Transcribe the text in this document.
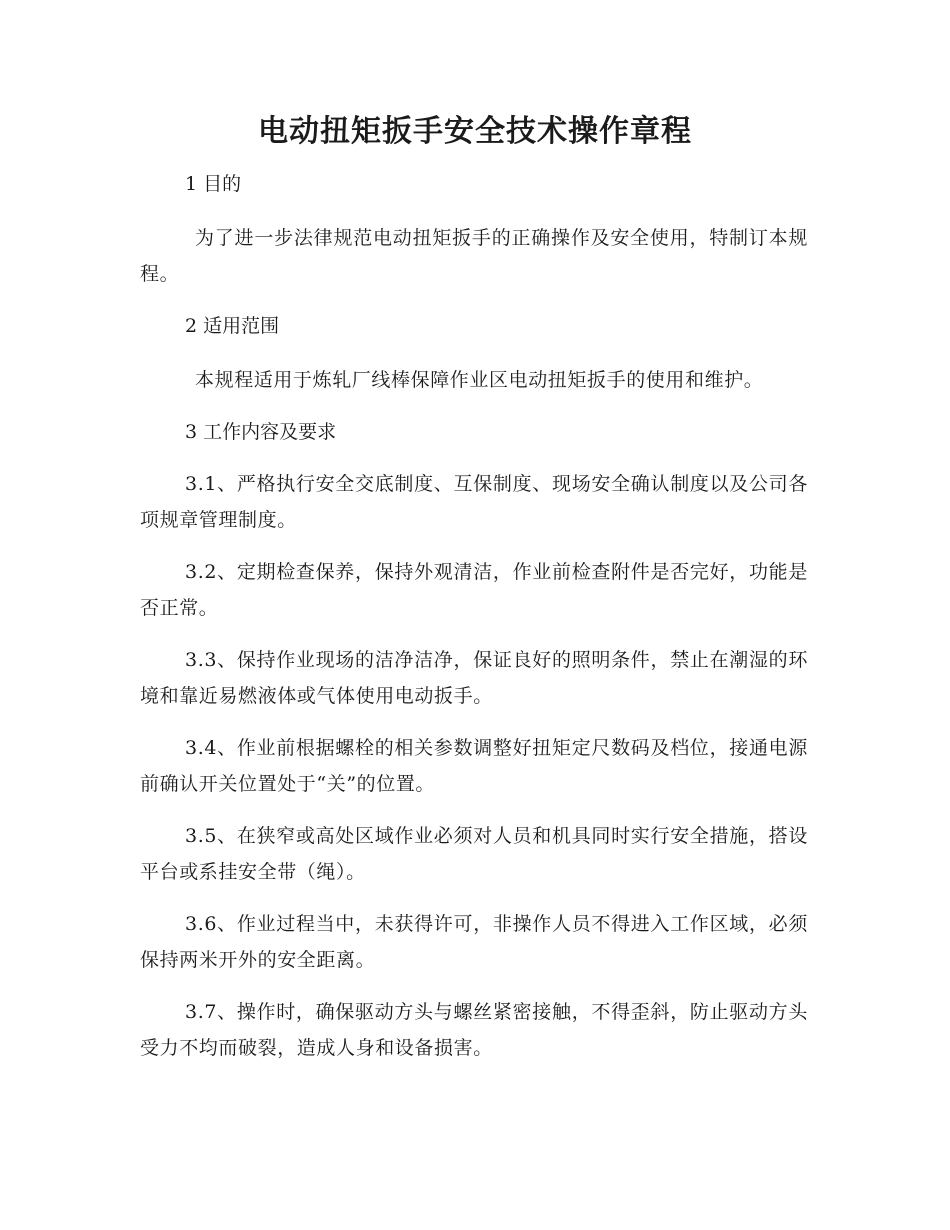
电动扭矩扳手安全技术操作章程

1 目的

为了进一步法律规范电动扭矩扳手的正确操作及安全使用，特制订本规程。

2 适用范围

本规程适用于炼轧厂线棒保障作业区电动扭矩扳手的使用和维护。

3 工作内容及要求

3.1、严格执行安全交底制度、互保制度、现场安全确认制度以及公司各项规章管理制度。

3.2、定期检查保养，保持外观清洁，作业前检查附件是否完好，功能是否正常。

3.3、保持作业现场的洁净洁净，保证良好的照明条件，禁止在潮湿的环境和靠近易燃液体或气体使用电动扳手。

3.4、作业前根据螺栓的相关参数调整好扭矩定尺数码及档位，接通电源前确认开关位置处于“关”的位置。

3.5、在狭窄或高处区域作业必须对人员和机具同时实行安全措施，搭设平台或系挂安全带（绳）。

3.6、作业过程当中，未获得许可，非操作人员不得进入工作区域，必须保持两米开外的安全距离。

3.7、操作时，确保驱动方头与螺丝紧密接触，不得歪斜，防止驱动方头受力不均而破裂，造成人身和设备损害。
